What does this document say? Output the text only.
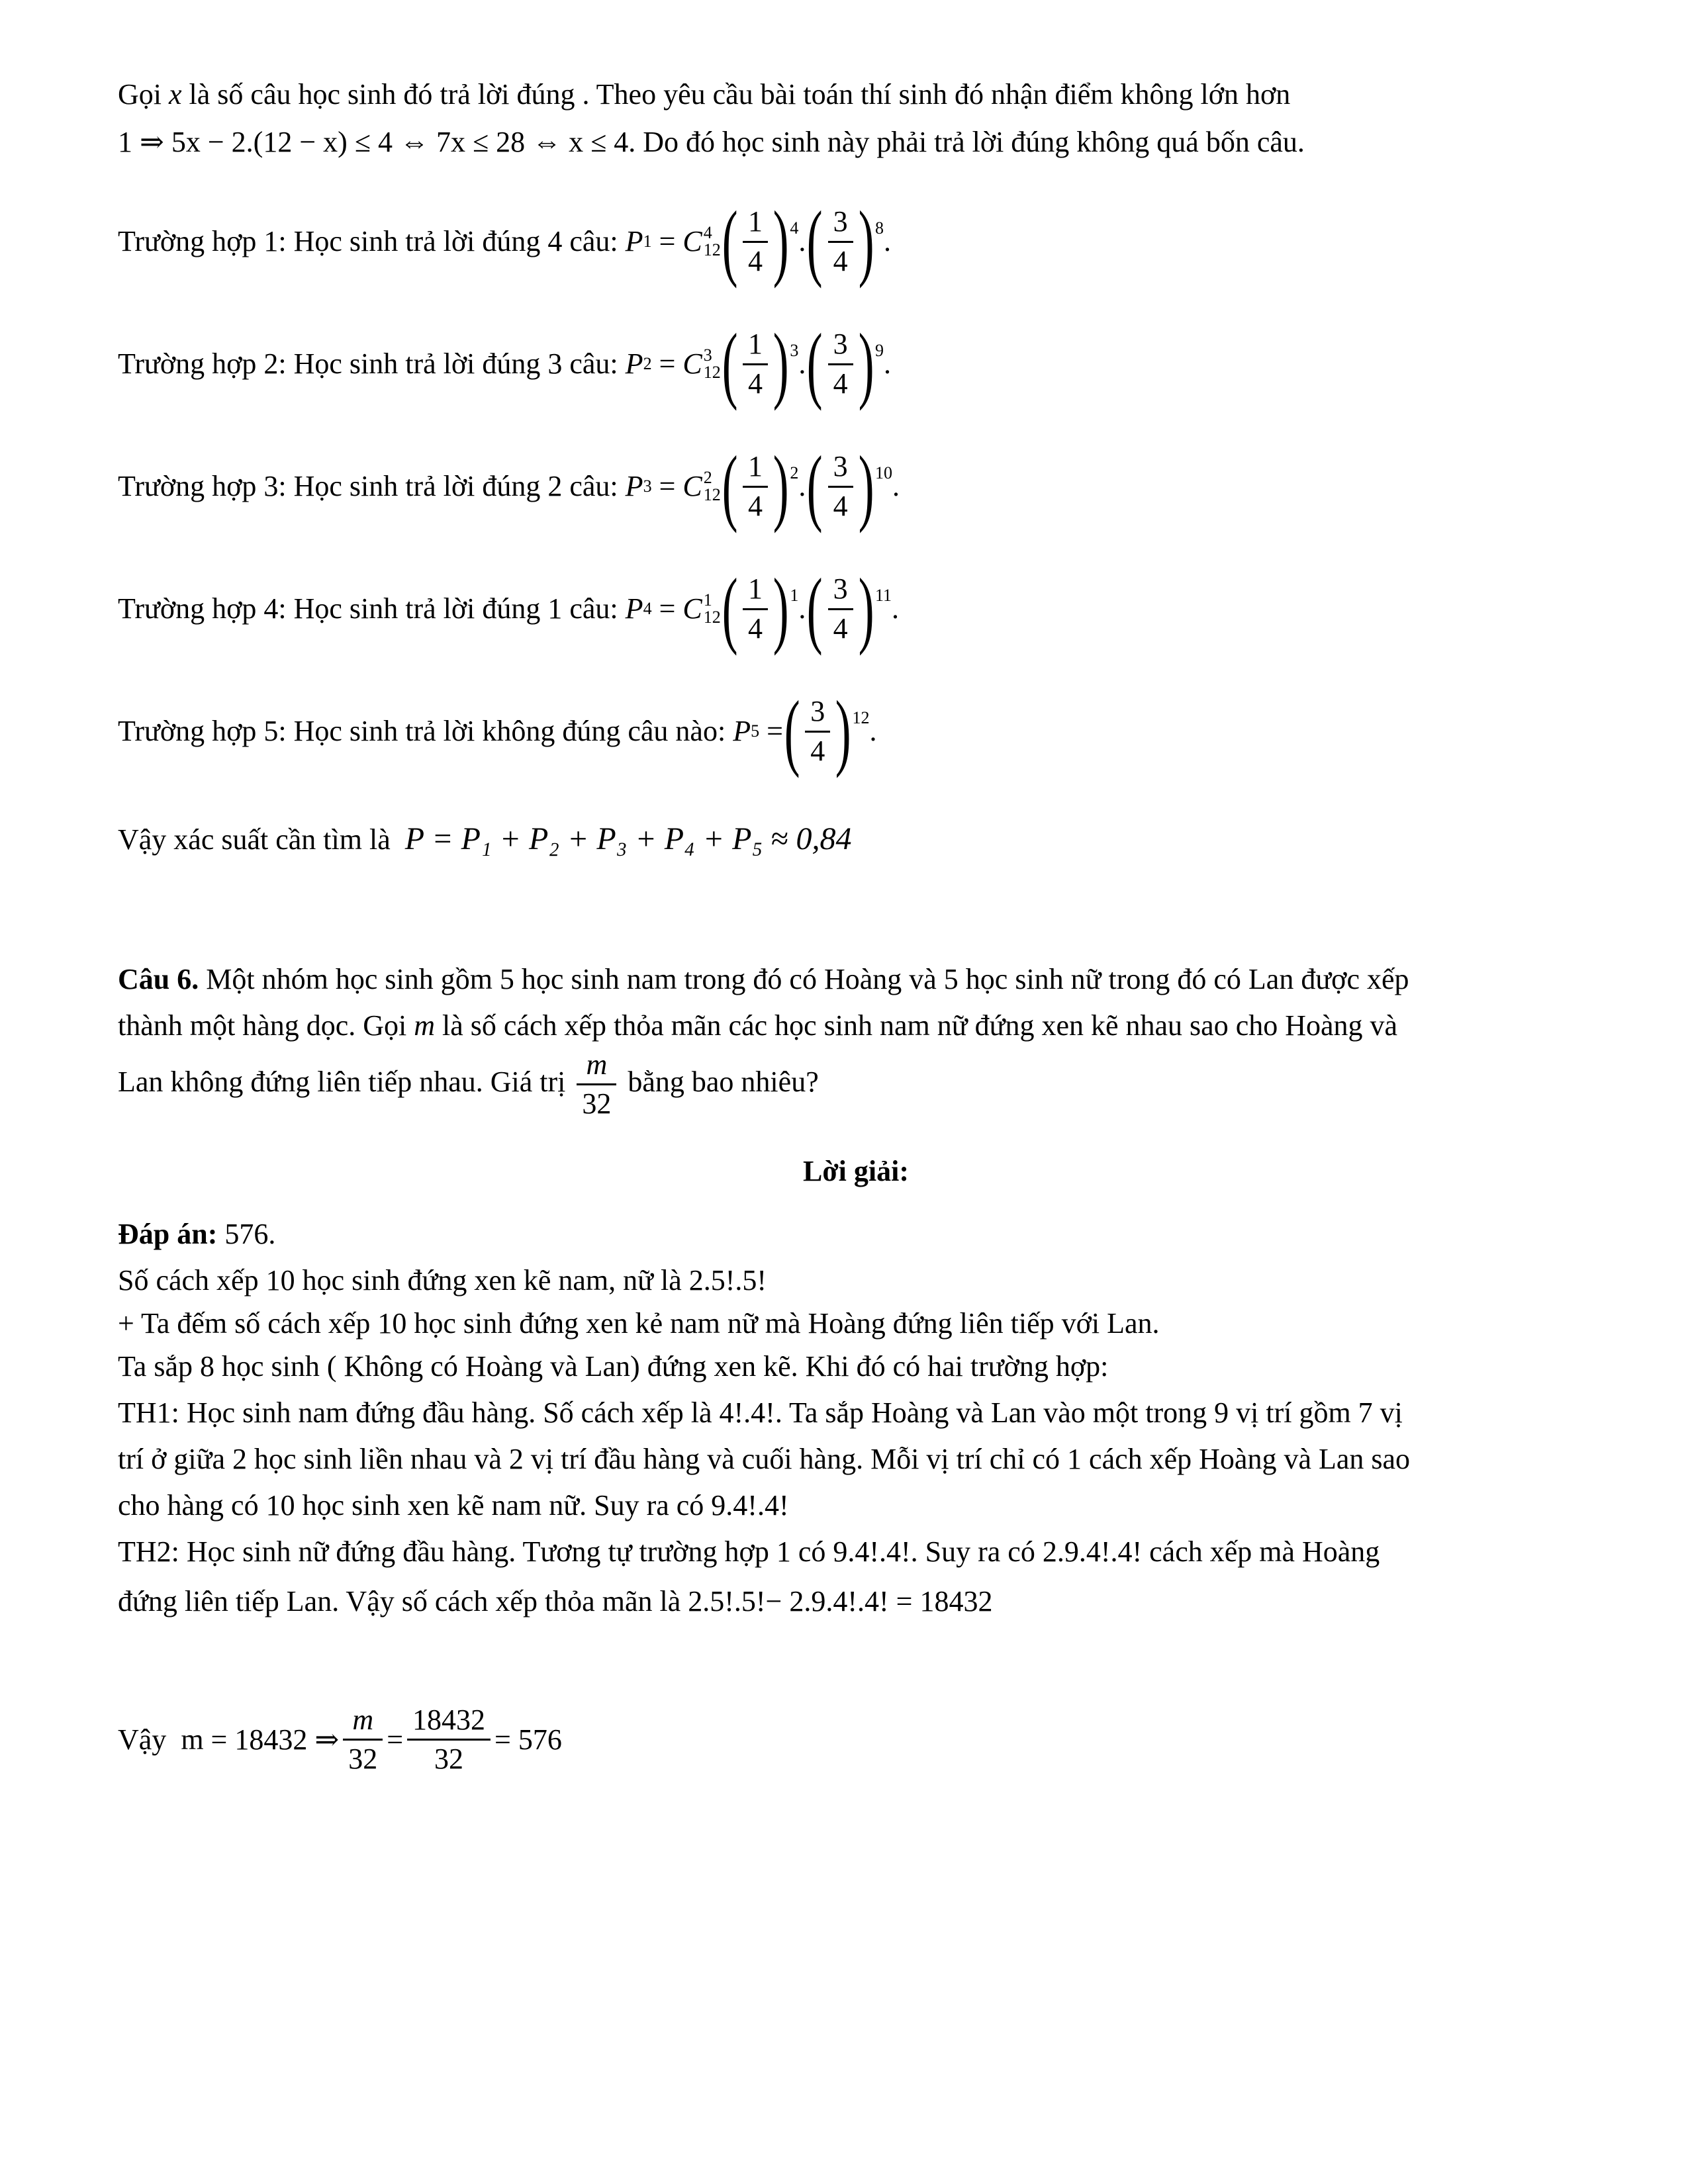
Gọi x là số câu học sinh đó trả lời đúng . Theo yêu cầu bài toán thí sinh đó nhận điểm không lớn hơn
1 ⇒ 5x − 2.(12 − x) ≤ 4 ⇔ 7x ≤ 28 ⇔ x ≤ 4. Do đó học sinh này phải trả lời đúng không quá bốn câu.
Trường hợp 1: Học sinh trả lời đúng
4
câu:
P 1 = C 4
12 ( $\frac{1}{4}$ ) 4 . ( $\frac{3}{4}$ ) 8 .
Trường hợp 2: Học sinh trả lời đúng
3
câu:
P 2 = C 3
12 ( $\frac{1}{4}$ ) 3 . ( $\frac{3}{4}$ ) 9 .
Trường hợp 3: Học sinh trả lời đúng
2
câu:
P 3 = C 2
12 ( $\frac{1}{4}$ ) 2 . ( $\frac{3}{4}$ ) 10 .
Trường hợp 4: Học sinh trả lời đúng
1
câu:
P 4 = C 1
12 ( $\frac{1}{4}$ ) 1 . ( $\frac{3}{4}$ ) 11 .
Trường hợp 5: Học sinh trả lời không đúng câu nào:
P 5 = ( $\frac{3}{4}$ ) 12 .
Vậy xác suất cần tìm là P = P₁ + P₂ + P₃ + P₄ + P₅ ≈ 0,84
Câu 6. Một nhóm học sinh gồm 5 học sinh nam trong đó có Hoàng và 5 học sinh nữ trong đó có Lan được xếp
thành một hàng dọc. Gọi m là số cách xếp thỏa mãn các học sinh nam nữ đứng xen kẽ nhau sao cho Hoàng và
Lan không đứng liên tiếp nhau. Giá trị $\frac{m}{32}$ bằng bao nhiêu?
Lời giải:
Đáp án: 576.
Số cách xếp 10 học sinh đứng xen kẽ nam, nữ là 2.5!.5!
+ Ta đếm số cách xếp 10 học sinh đứng xen kẻ nam nữ mà Hoàng đứng liên tiếp với Lan.
Ta sắp 8 học sinh ( Không có Hoàng và Lan) đứng xen kẽ. Khi đó có hai trường hợp:
TH1: Học sinh nam đứng đầu hàng. Số cách xếp là 4!.4!. Ta sắp Hoàng và Lan vào một trong 9 vị trí gồm 7 vị
trí ở giữa 2 học sinh liền nhau và 2 vị trí đầu hàng và cuối hàng. Mỗi vị trí chỉ có 1 cách xếp Hoàng và Lan sao
cho hàng có 10 học sinh xen kẽ nam nữ. Suy ra có 9.4!.4!
TH2: Học sinh nữ đứng đầu hàng. Tương tự trường hợp 1 có 9.4!.4!. Suy ra có 2.9.4!.4! cách xếp mà Hoàng
đứng liên tiếp Lan. Vậy số cách xếp thỏa mãn là 2.5!.5!− 2.9.4!.4! = 18432
Vậy
m = 18432 ⇒ $\frac{m}{32} = \frac{18432}{32} = 576$
